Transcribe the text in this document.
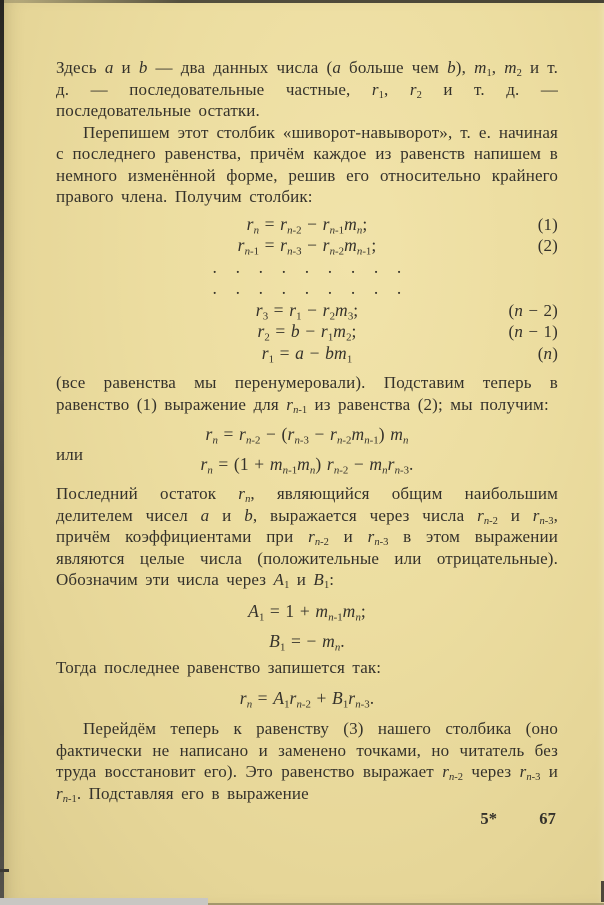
Здесь a и b — два данных числа (a больше чем b), $m_1$, $m_2$ и т. д. — последовательные частные, $r_1$, $r_2$ и т. д. — последовательные остатки.

Перепишем этот столбик «шиворот-навыворот», т. е. начиная с последнего равенства, причём каждое из равенств напишем в немного изменённой форме, решив его относительно крайнего правого члена. Получим столбик:

$r_n = r_{n-2} - r_{n-1}m_n$;	(1)
$r_{n-1} = r_{n-3} - r_{n-2}m_{n-1}$;	(2)
. . . . . . . . .
. . . . . . . . .
$r_3 = r_1 - r_2m_3$;	(n − 2)
$r_2 = b - r_1m_2$;	(n − 1)
$r_1 = a - bm_1$	(n)

(все равенства мы перенумеровали). Подставим теперь в равенство (1) выражение для $r_{n-1}$ из равенства (2); мы получим:

$r_n = r_{n-2} - (r_{n-3} - r_{n-2}m_{n-1})$ $m_n$
или	$r_n = (1 + m_{n-1}m_n) r_{n-2} - m_nr_{n-3}$.

Последний остаток $r_n$, являющийся общим наибольшим делителем чисел a и b, выражается через числа $r_{n-2}$ и $r_{n-3}$, причём коэффициентами при $r_{n-2}$ и $r_{n-3}$ в этом выражении являются целые числа (положительные или отрицательные). Обозначим эти числа через $A_1$ и $B_1$:

$A_1 = 1 + m_{n-1}m_n$;
$B_1$ = − $m_n$.

Тогда последнее равенство запишется так:

$r_n = A_1r_{n-2} + B_1r_{n-3}$.

Перейдём теперь к равенству (3) нашего столбика (оно фактически не написано и заменено точками, но читатель без труда восстановит его). Это равенство выражает $r_{n-2}$ через $r_{n-3}$ и $r_{n-1}$. Подставляя его в выражение

5*	67
